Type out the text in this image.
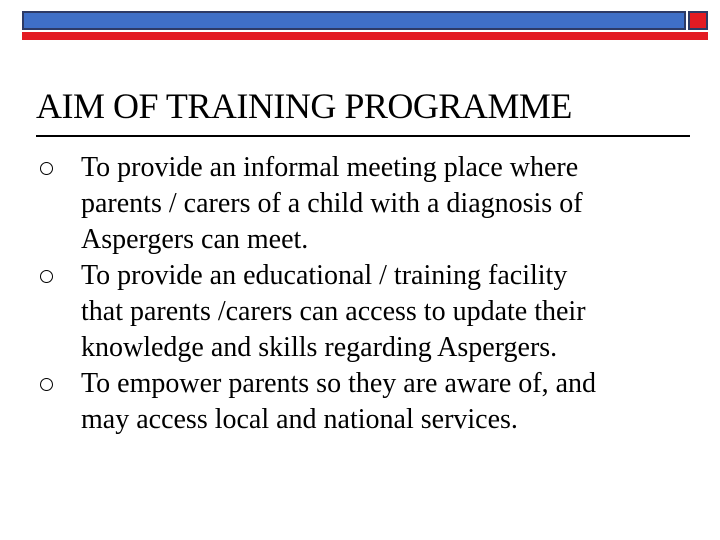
AIM OF TRAINING PROGRAMME
To provide an informal meeting place where
parents / carers of a child with a diagnosis of
Aspergers can meet.
To provide an educational / training facility
that parents /carers can access to update their
knowledge and skills regarding Aspergers.
To empower parents so they are aware of, and
may access local and national services.
